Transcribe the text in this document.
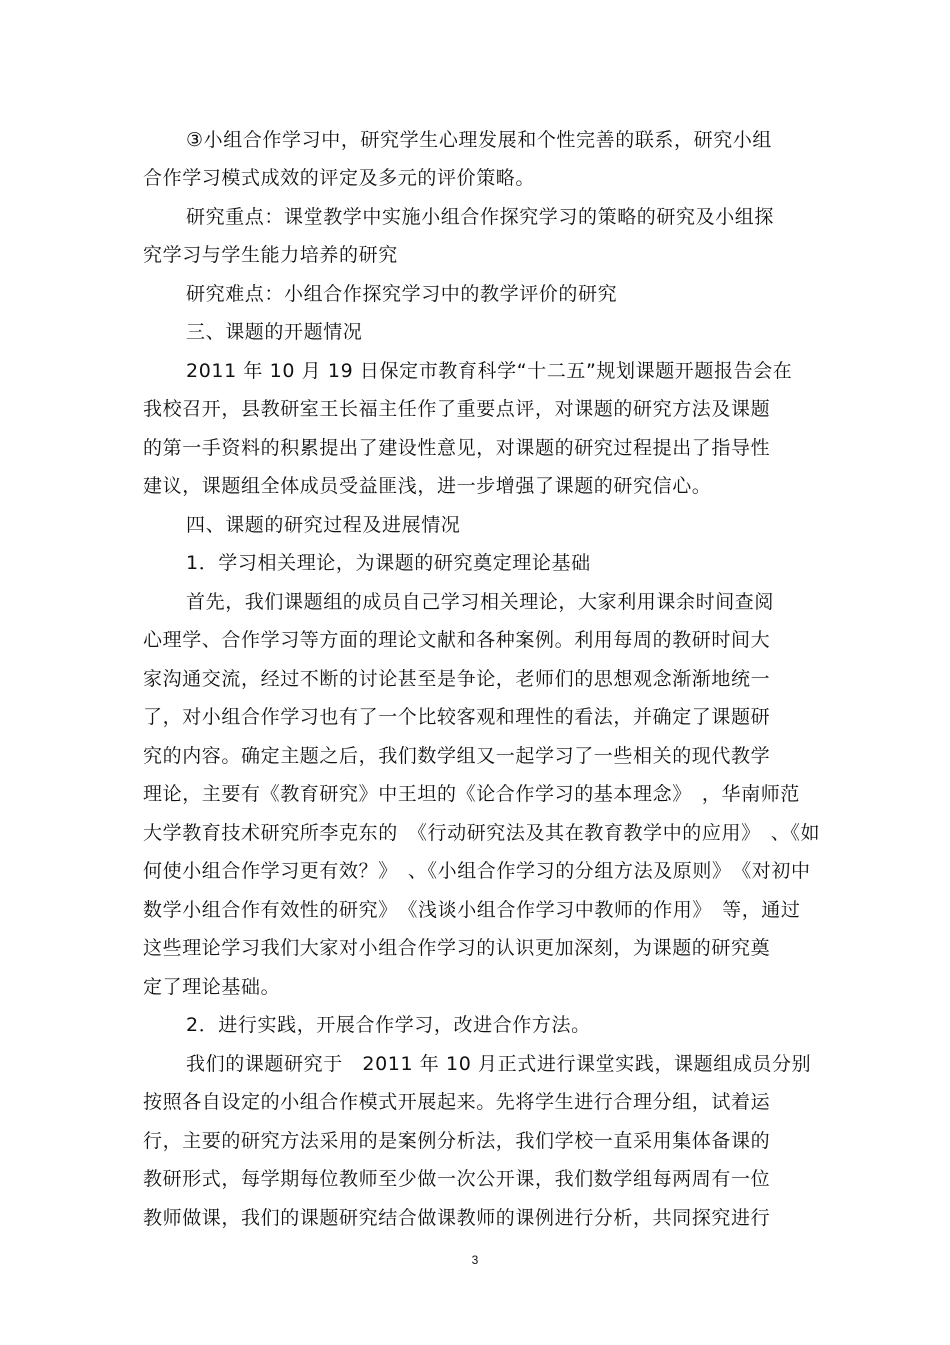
③小组合作学习中，研究学生心理发展和个性完善的联系，研究小组
合作学习模式成效的评定及多元的评价策略。
研究重点：课堂教学中实施小组合作探究学习的策略的研究及小组探
究学习与学生能力培养的研究
研究难点：小组合作探究学习中的教学评价的研究
三、课题的开题情况
2011 年 10 月 19 日保定市教育科学“十二五”规划课题开题报告会在
我校召开，县教研室王长福主任作了重要点评，对课题的研究方法及课题
的第一手资料的积累提出了建设性意见，对课题的研究过程提出了指导性
建议，课题组全体成员受益匪浅，进一步增强了课题的研究信心。
四、课题的研究过程及进展情况
1．学习相关理论，为课题的研究奠定理论基础
首先，我们课题组的成员自己学习相关理论，大家利用课余时间查阅
心理学、合作学习等方面的理论文献和各种案例。利用每周的教研时间大
家沟通交流，经过不断的讨论甚至是争论，老师们的思想观念渐渐地统一
了，对小组合作学习也有了一个比较客观和理性的看法，并确定了课题研
究的内容。确定主题之后，我们数学组又一起学习了一些相关的现代教学
理论，主要有《教育研究》中王坦的《论合作学习的基本理念》　，华南师范
大学教育技术研究所李克东的　《行动研究法及其在教育教学中的应用》　、《如
何使小组合作学习更有效？》　、《小组合作学习的分组方法及原则》　《对初中
数学小组合作有效性的研究》　《浅谈小组合作学习中教师的作用》　等，通过
这些理论学习我们大家对小组合作学习的认识更加深刻，为课题的研究奠
定了理论基础。
2．进行实践，开展合作学习，改进合作方法。
我们的课题研究于　2011 年 10 月正式进行课堂实践，课题组成员分别
按照各自设定的小组合作模式开展起来。先将学生进行合理分组，试着运
行，主要的研究方法采用的是案例分析法，我们学校一直采用集体备课的
教研形式，每学期每位教师至少做一次公开课，我们数学组每两周有一位
教师做课，我们的课题研究结合做课教师的课例进行分析，共同探究进行
3
